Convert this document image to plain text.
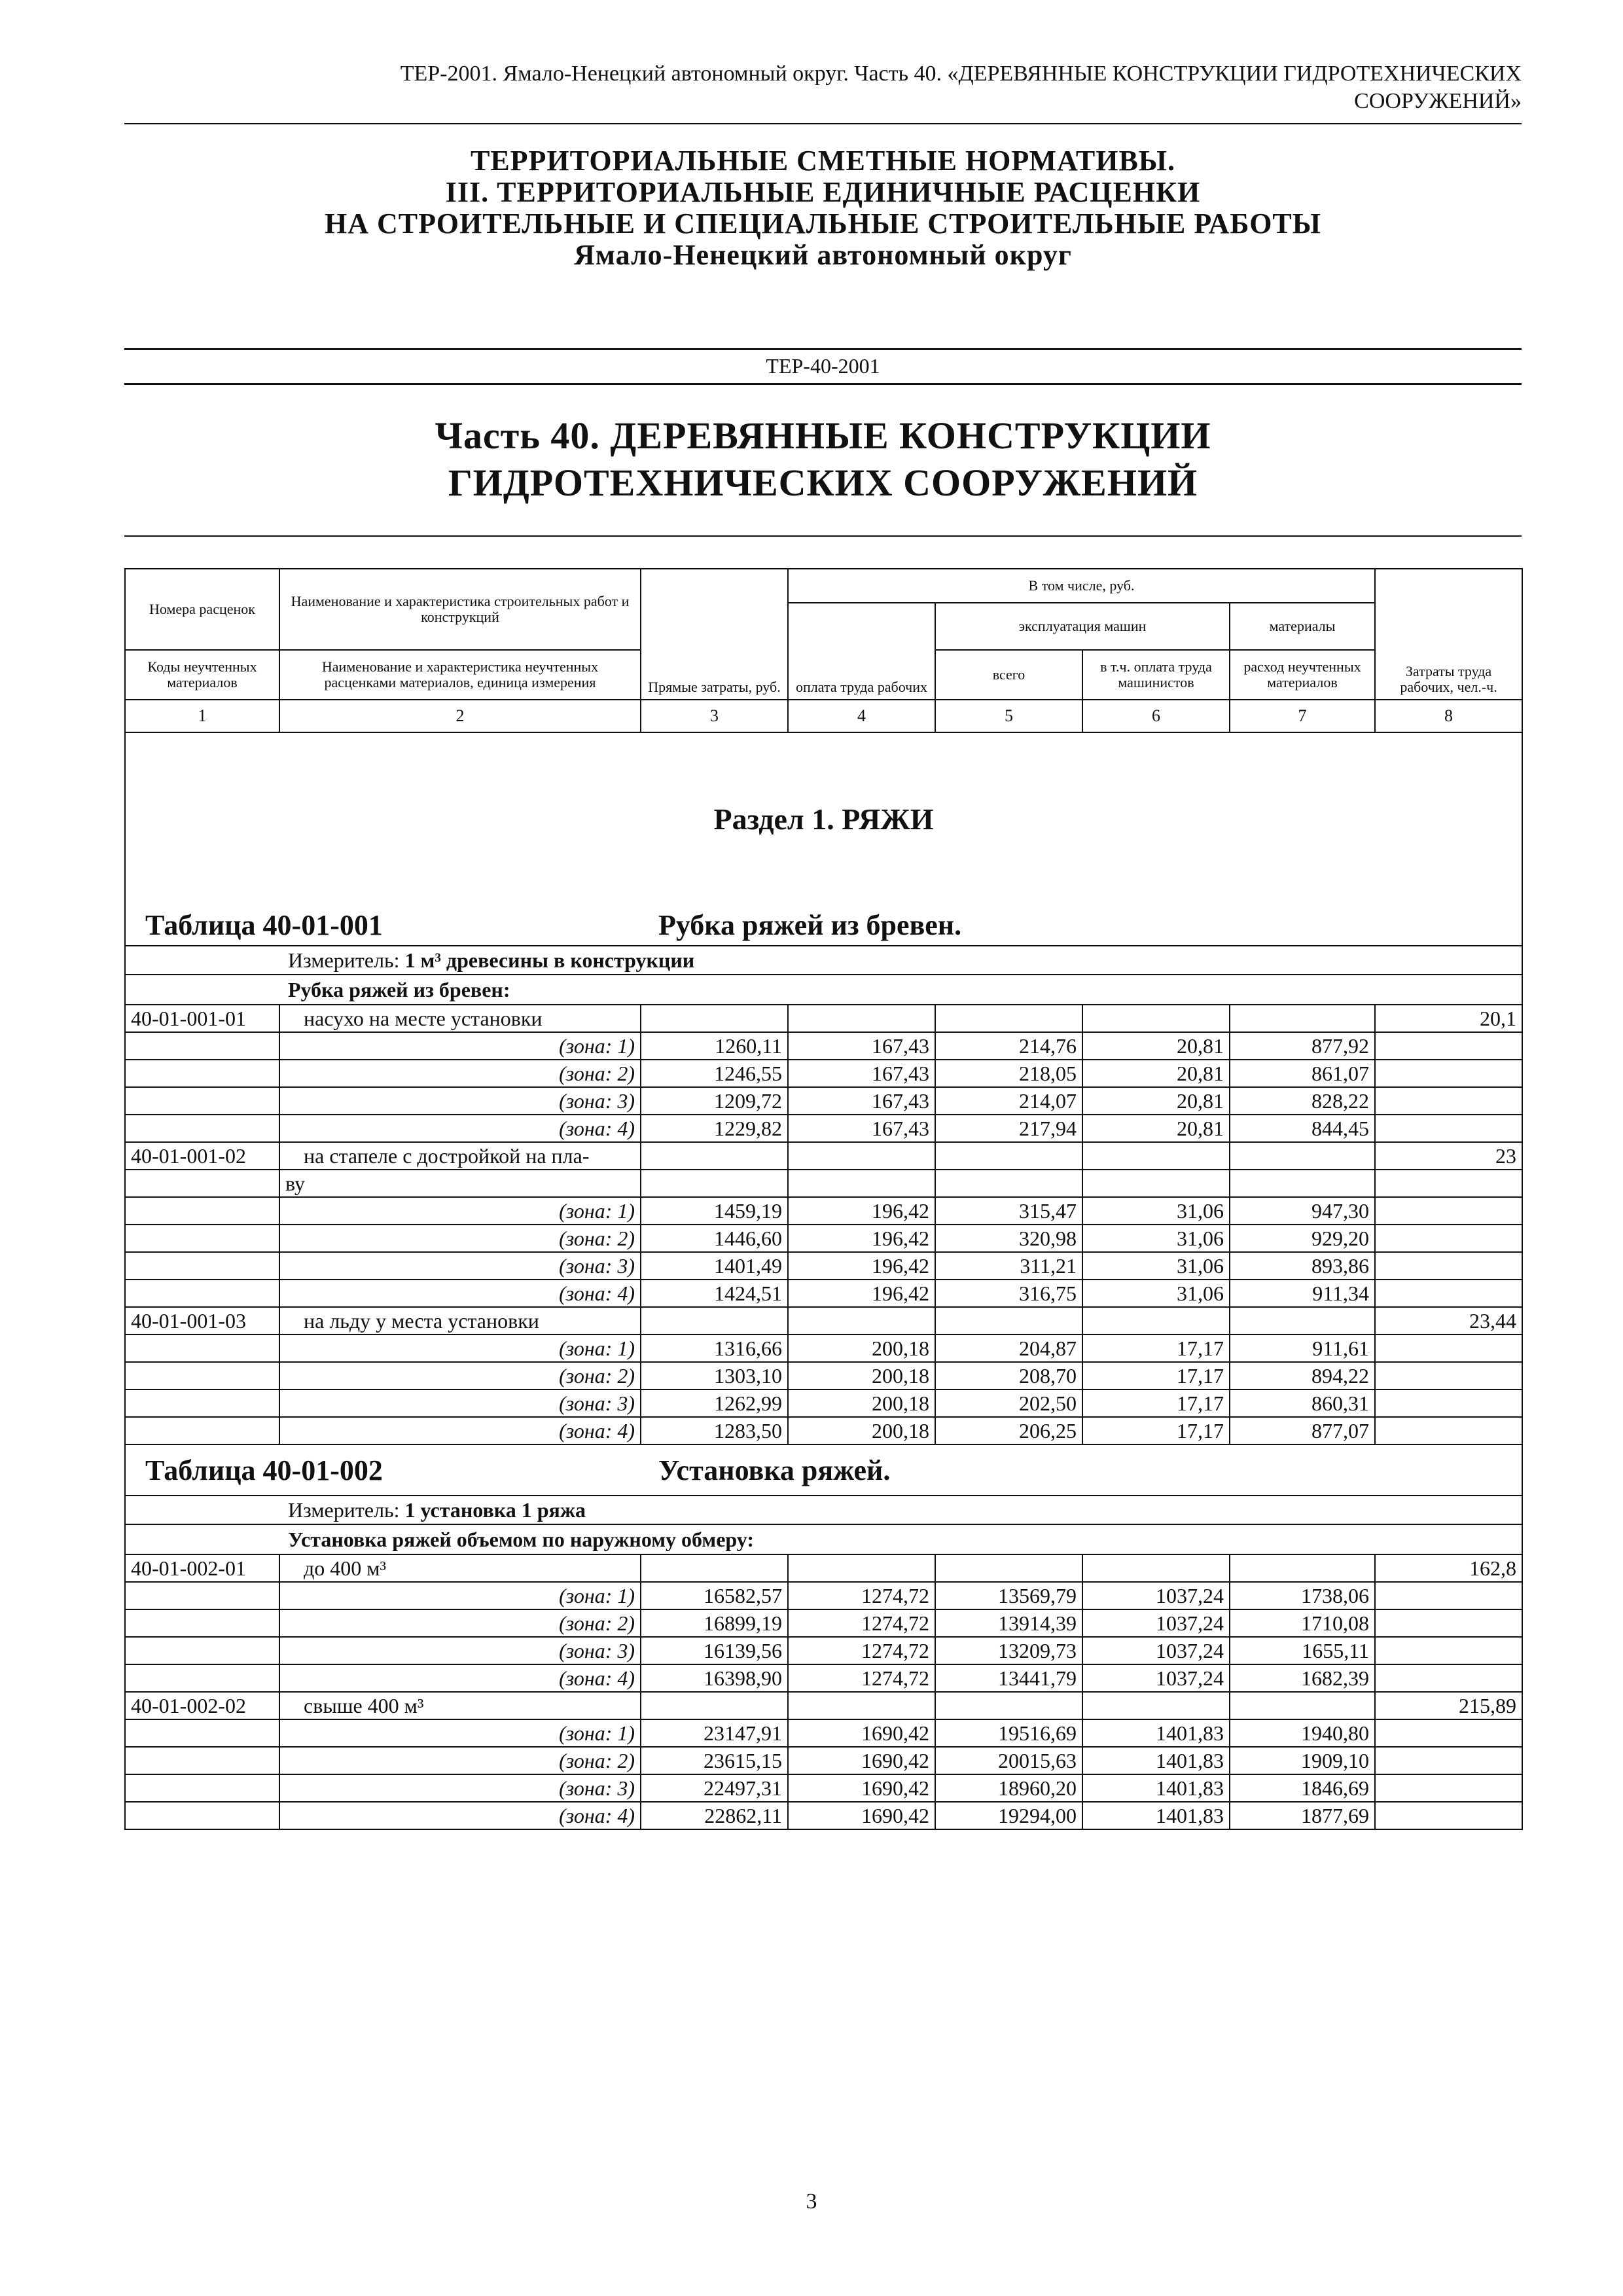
ТЕР-2001. Ямало-Ненецкий автономный округ. Часть 40. «ДЕРЕВЯННЫЕ КОНСТРУКЦИИ ГИДРОТЕХНИЧЕСКИХ
СООРУЖЕНИЙ»
ТЕРРИТОРИАЛЬНЫЕ СМЕТНЫЕ НОРМАТИВЫ.
III. ТЕРРИТОРИАЛЬНЫЕ ЕДИНИЧНЫЕ РАСЦЕНКИ
НА СТРОИТЕЛЬНЫЕ И СПЕЦИАЛЬНЫЕ СТРОИТЕЛЬНЫЕ РАБОТЫ
Ямало-Ненецкий автономный округ
ТЕР-40-2001
Часть 40. ДЕРЕВЯННЫЕ КОНСТРУКЦИИ
ГИДРОТЕХНИЧЕСКИХ СООРУЖЕНИЙ
Номера расценок	Наименование и характеристика строительных работ и конструкций	Прямые затраты, руб.	В том числе, руб.				Затраты труда рабочих, чел.-ч.
			оплата труда рабочих	эксплуатация машин		материалы	
Коды неучтенных материалов	Наименование и характеристика неучтенных расценками материалов, единица измерения			всего	в т.ч. оплата труда машинистов	расход неучтенных материалов	
1	2	3	4	5	6	7	8
Раздел 1. РЯЖИ							
Таблица 40-01-001 Рубка ряжей из бревен.							
Измеритель: 1 м³ древесины в конструкции							
Рубка ряжей из бревен:							
40-01-001-01	насухо на месте установки						20,1
	(зона: 1)	1260,11	167,43	214,76	20,81	877,92	
	(зона: 2)	1246,55	167,43	218,05	20,81	861,07	
	(зона: 3)	1209,72	167,43	214,07	20,81	828,22	
	(зона: 4)	1229,82	167,43	217,94	20,81	844,45	
40-01-001-02	на стапеле с достройкой на пла-						23
	ву						
	(зона: 1)	1459,19	196,42	315,47	31,06	947,30	
	(зона: 2)	1446,60	196,42	320,98	31,06	929,20	
	(зона: 3)	1401,49	196,42	311,21	31,06	893,86	
	(зона: 4)	1424,51	196,42	316,75	31,06	911,34	
40-01-001-03	на льду у места установки						23,44
	(зона: 1)	1316,66	200,18	204,87	17,17	911,61	
	(зона: 2)	1303,10	200,18	208,70	17,17	894,22	
	(зона: 3)	1262,99	200,18	202,50	17,17	860,31	
	(зона: 4)	1283,50	200,18	206,25	17,17	877,07	
Таблица 40-01-002 Установка ряжей.							
Измеритель: 1 установка 1 ряжа							
Установка ряжей объемом по наружному обмеру:							
40-01-002-01	до 400 м³						162,8
	(зона: 1)	16582,57	1274,72	13569,79	1037,24	1738,06	
	(зона: 2)	16899,19	1274,72	13914,39	1037,24	1710,08	
	(зона: 3)	16139,56	1274,72	13209,73	1037,24	1655,11	
	(зона: 4)	16398,90	1274,72	13441,79	1037,24	1682,39	
40-01-002-02	свыше 400 м³						215,89
	(зона: 1)	23147,91	1690,42	19516,69	1401,83	1940,80	
	(зона: 2)	23615,15	1690,42	20015,63	1401,83	1909,10	
	(зона: 3)	22497,31	1690,42	18960,20	1401,83	1846,69	
	(зона: 4)	22862,11	1690,42	19294,00	1401,83	1877,69	
3
